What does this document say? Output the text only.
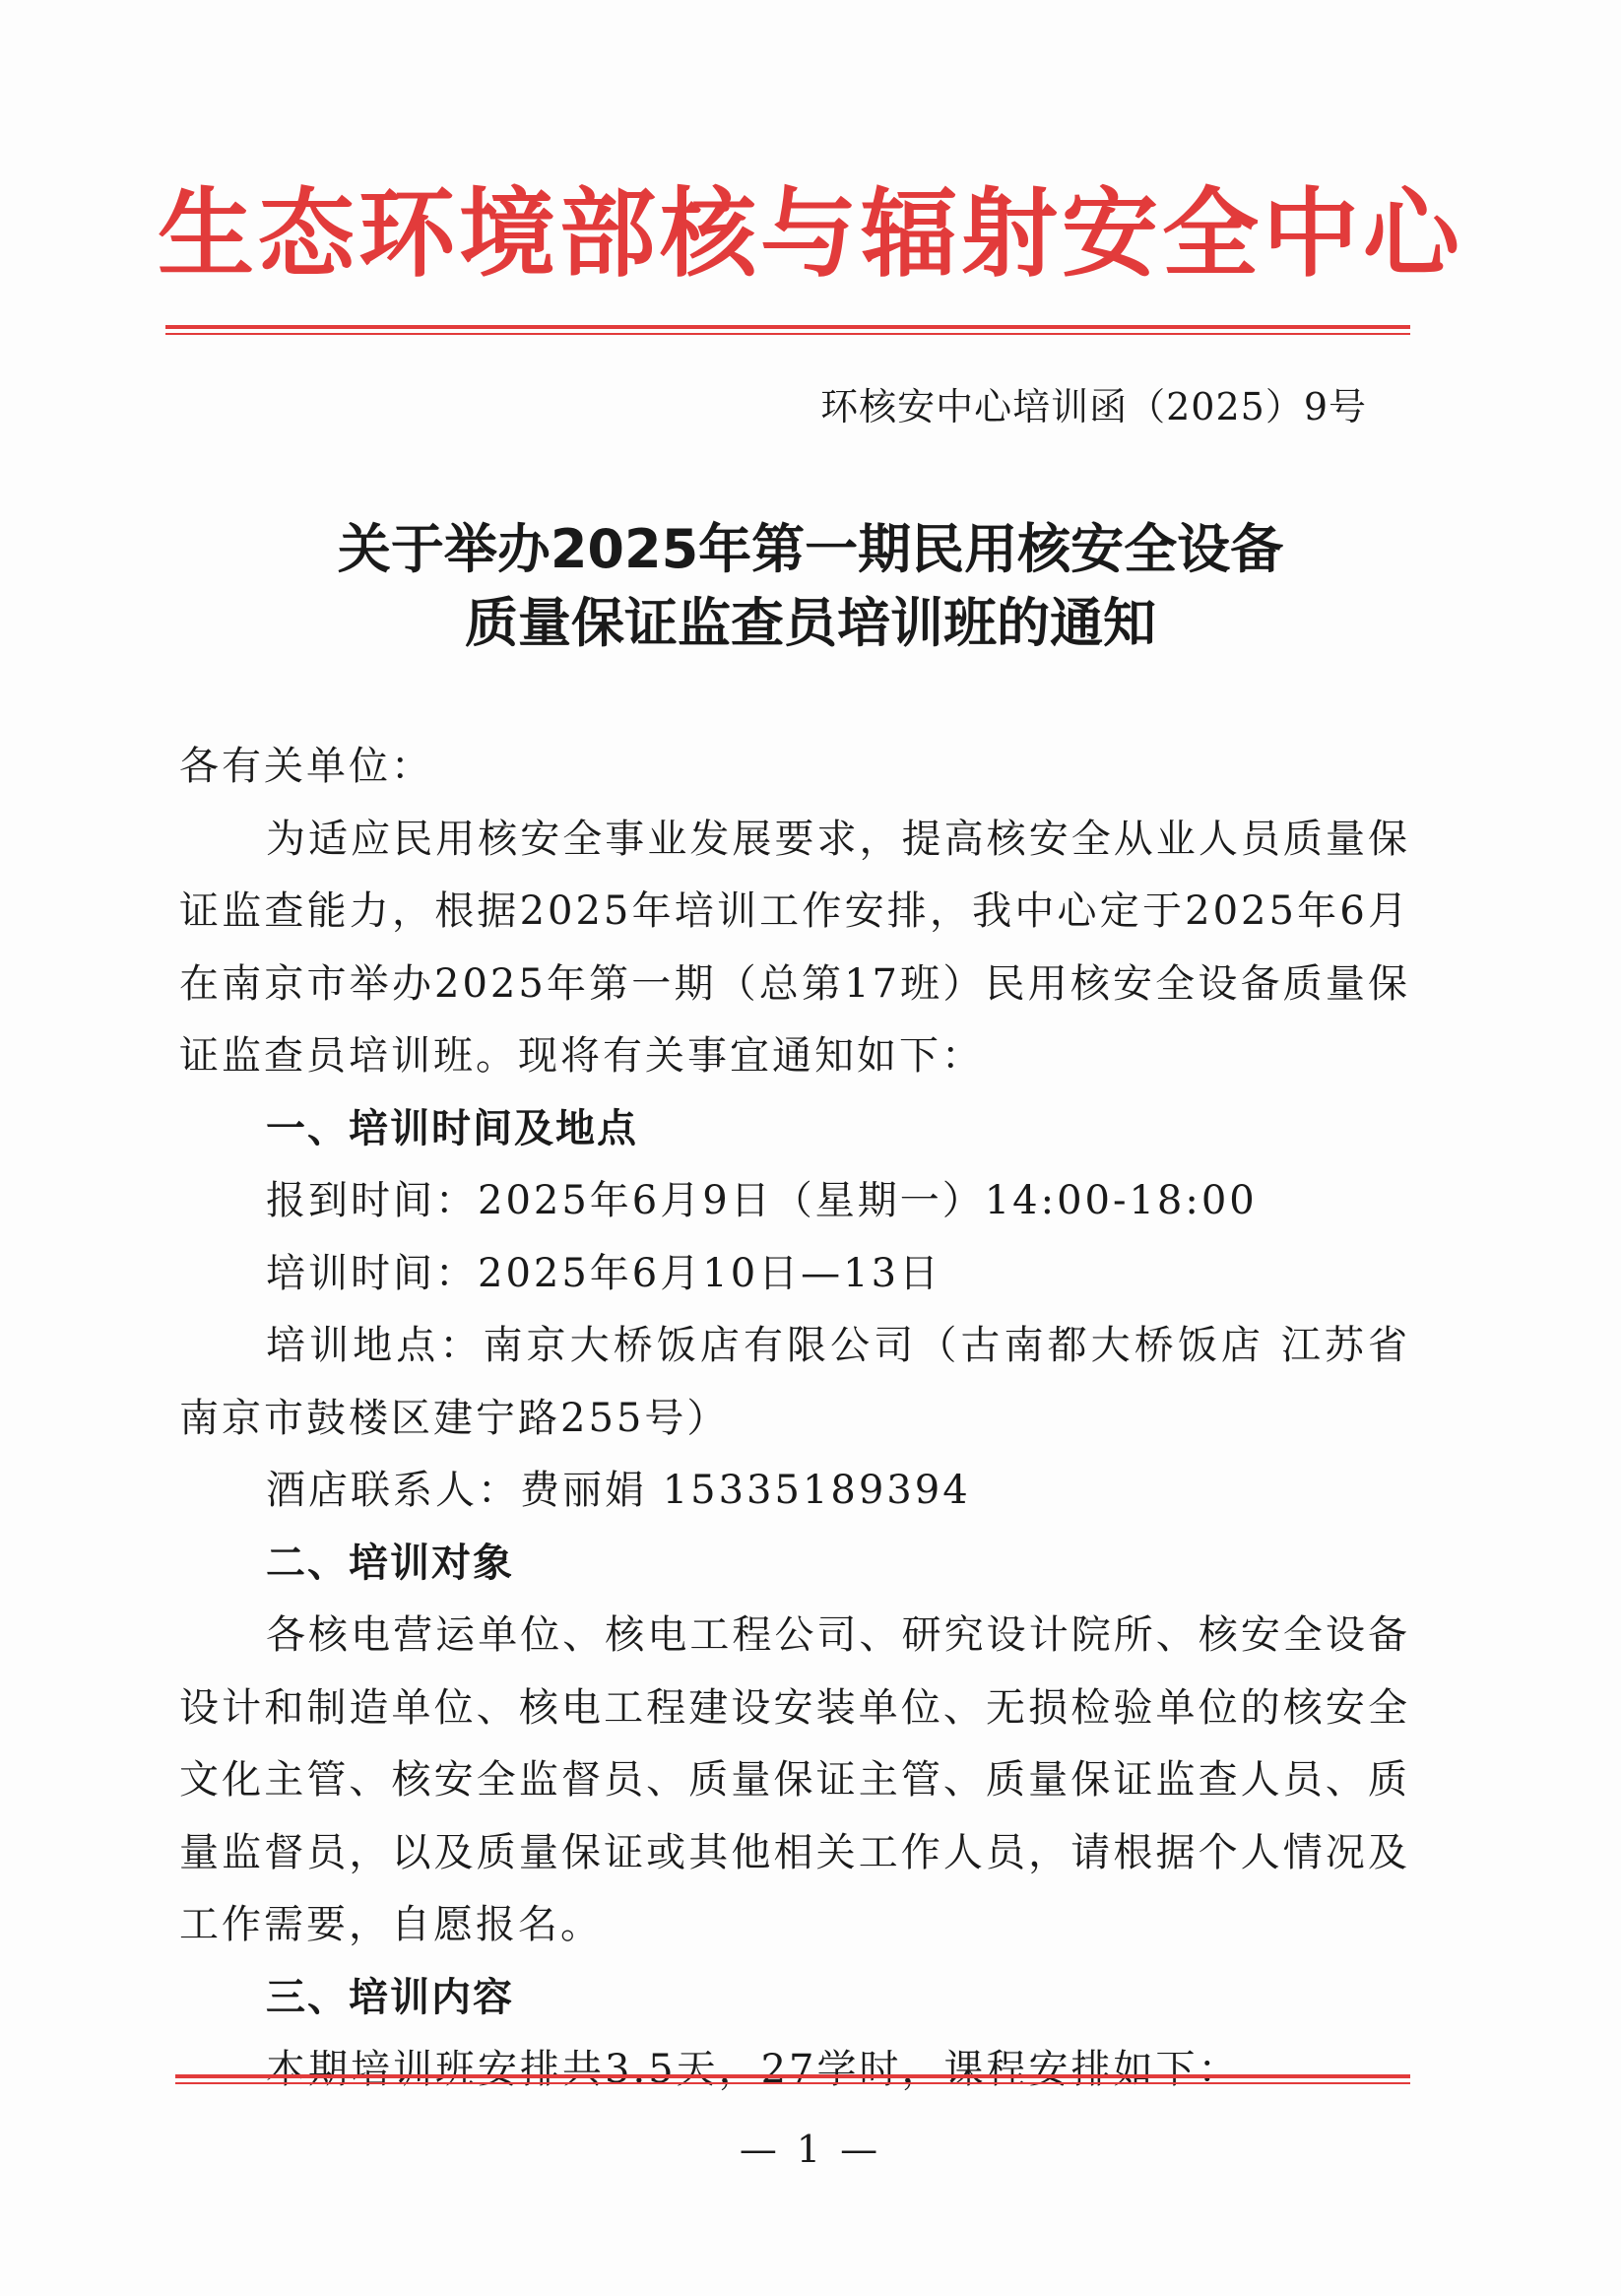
生态环境部核与辐射安全中心
环核安中心培训函（2025）9号
关于举办2025年第一期民用核安全设备
质量保证监查员培训班的通知

各有关单位：

为适应民用核安全事业发展要求，提高核安全从业人员质量保证监查能力，根据2025年培训工作安排，我中心定于2025年6月在南京市举办2025年第一期（总第17班）民用核安全设备质量保证监查员培训班。现将有关事宜通知如下：

一、培训时间及地点

报到时间：2025年6月9日（星期一）14:00-18:00

培训时间：2025年6月10日—13日

培训地点：南京大桥饭店有限公司（古南都大桥饭店 江苏省南京市鼓楼区建宁路255号）

酒店联系人：费丽娟 15335189394

二、培训对象

各核电营运单位、核电工程公司、研究设计院所、核安全设备设计和制造单位、核电工程建设安装单位、无损检验单位的核安全文化主管、核安全监督员、质量保证主管、质量保证监查人员、质量监督员，以及质量保证或其他相关工作人员，请根据个人情况及工作需要，自愿报名。

三、培训内容

本期培训班安排共3.5天，27学时，课程安排如下：

— 1 —
